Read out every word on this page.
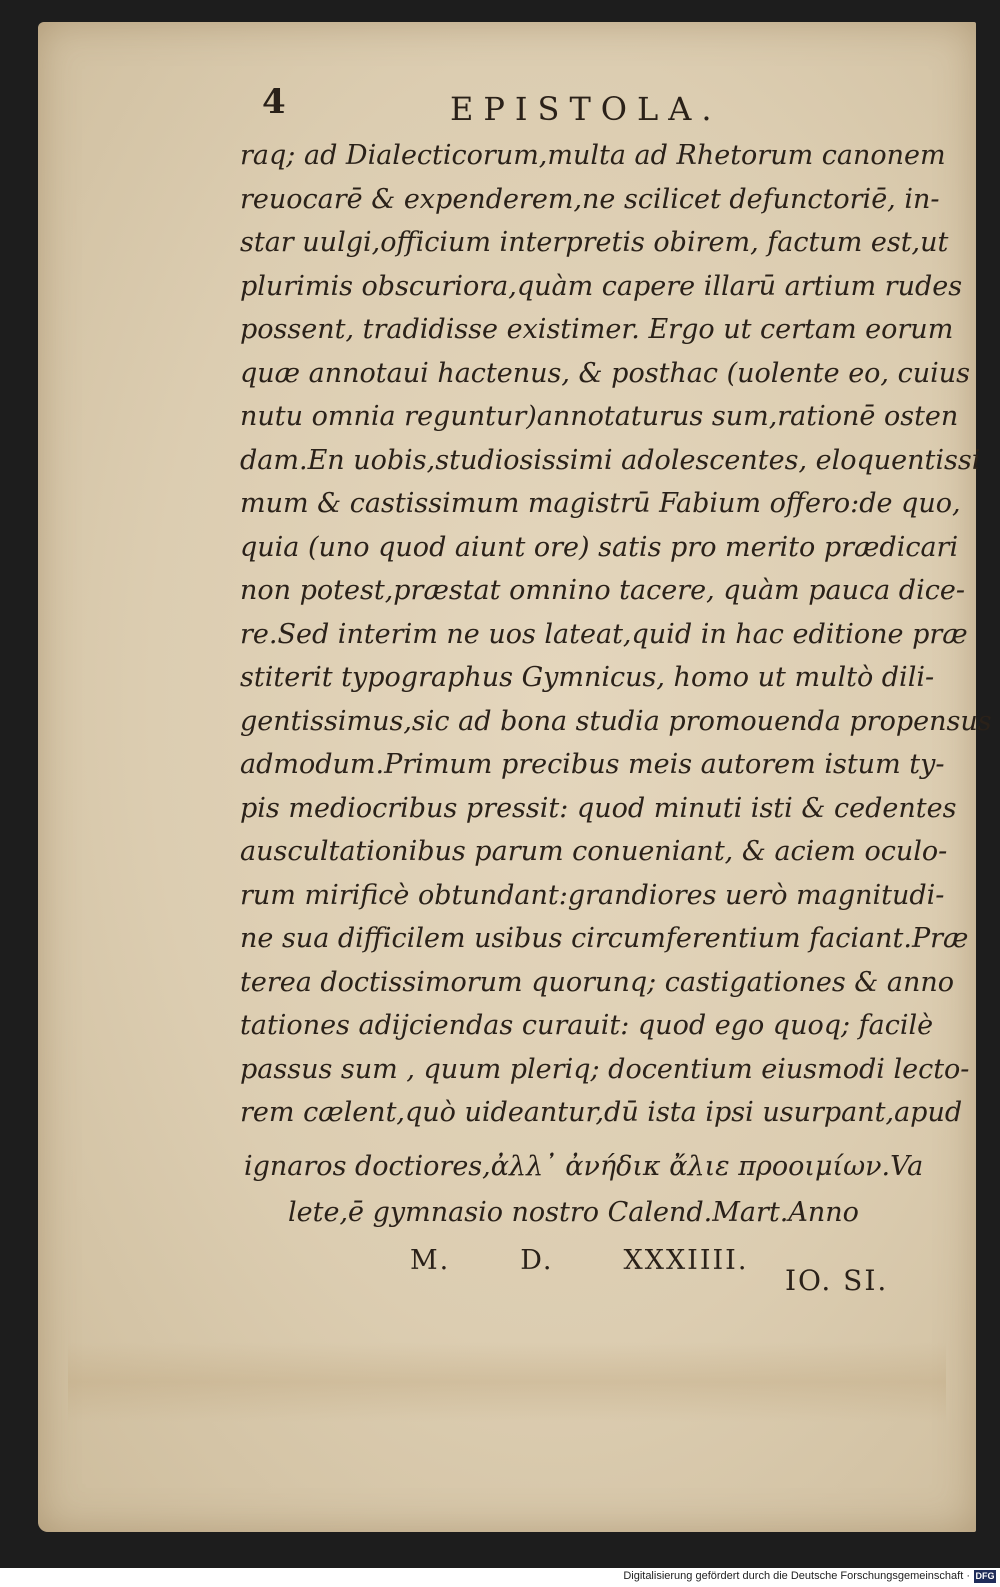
4	EPISTOLA.
raq; ad Dialecticorum,multa ad Rhetorum canonem
reuocarē & expenderem,ne scilicet defunctoriē, in-
star uulgi,officium interpretis obirem, factum est,ut
plurimis obscuriora,quàm capere illarū artium rudes
possent, tradidisse existimer. Ergo ut certam eorum
quæ annotaui hactenus, & posthac (uolente eo, cuius
nutu omnia reguntur)annotaturus sum,rationē osten
dam.En uobis,studiosissimi adolescentes, eloquentissi
mum & castissimum magistrū Fabium offero:de quo,
quia (uno quod aiunt ore) satis pro merito prædicari
non potest,præstat omnino tacere, quàm pauca dice-
re.Sed interim ne uos lateat,quid in hac editione præ
stiterit typographus Gymnicus, homo ut multò dili-
gentissimus,sic ad bona studia promouenda propensus
admodum.Primum precibus meis autorem istum ty-
pis mediocribus pressit: quod minuti isti & cedentes
auscultationibus parum conueniant, & aciem oculo-
rum mirificè obtundant:grandiores uerò magnitudi-
ne sua difficilem usibus circumferentium faciant.Præ
terea doctissimorum quorunq; castigationes & anno
tationes adijciendas curauit: quod ego quoq; facilè
passus sum , quum pleriq; docentium eiusmodi lecto-
rem cælent,quò uideantur,dū ista ipsi usurpant,apud
ignaros doctiores,ἀλλ᾽ ἀνήδικ ἄλιε προοιμίων.Va
lete,ē gymnasio nostro Calend.Mart.Anno
M.	D.	XXXIIII.
IO. SI.
Digitalisierung gefördert durch die Deutsche Forschungsgemeinschaft · DFG
